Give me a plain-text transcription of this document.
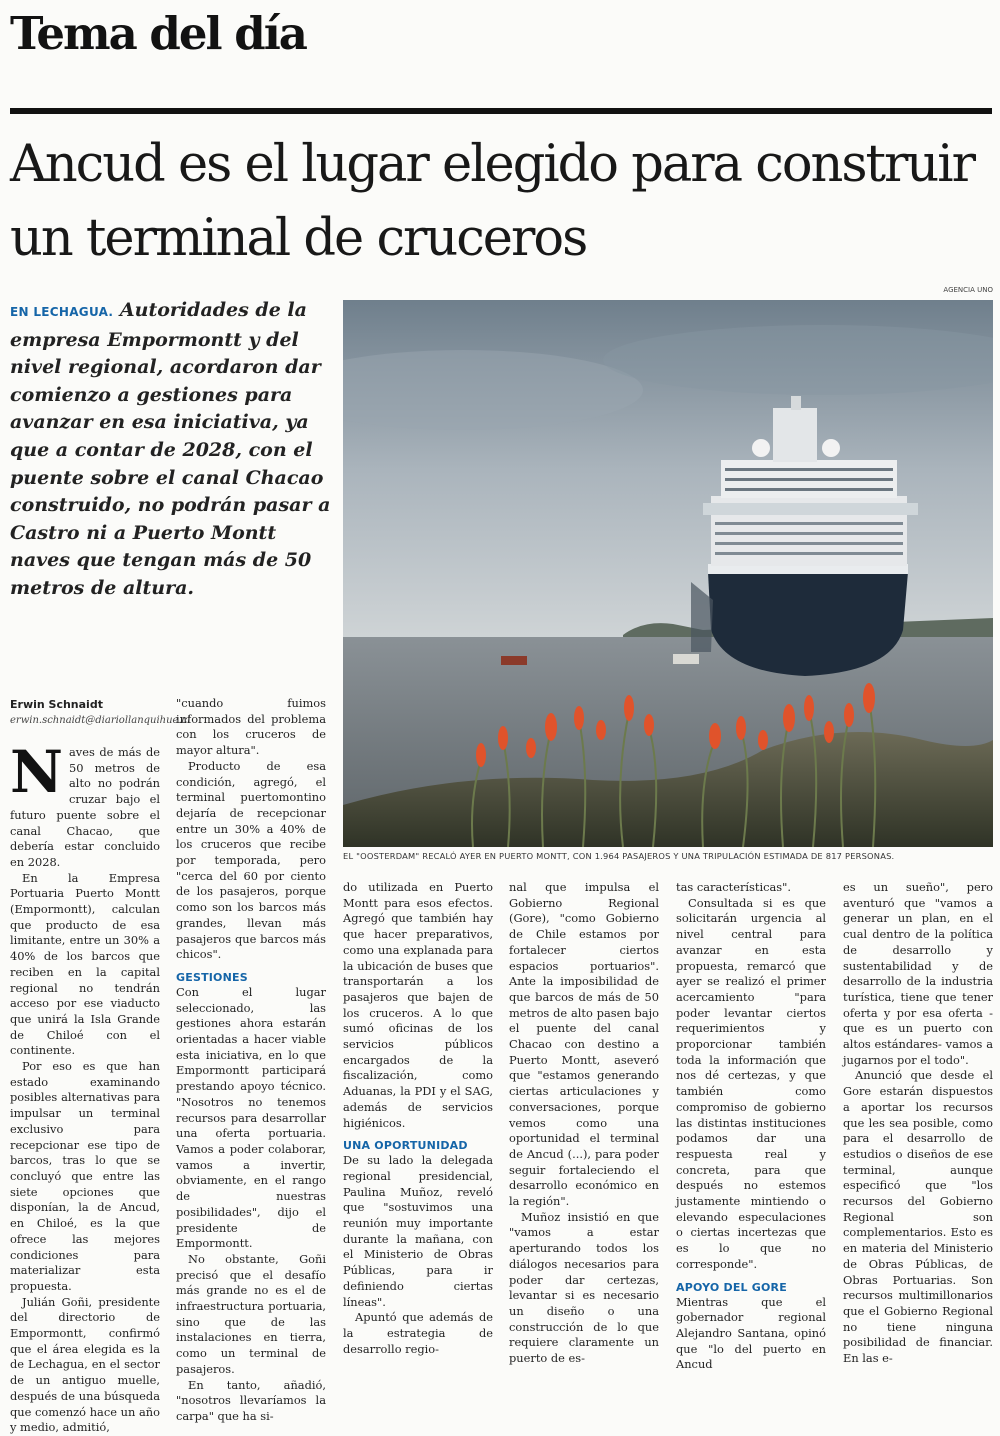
Tema del día
Ancud es el lugar elegido para construir un terminal de cruceros

EN LECHAGUA. Autoridades de la empresa Empormontt y del nivel regional, acordaron dar comienzo a gestiones para avanzar en esa iniciativa, ya que a contar de 2028, con el puente sobre el canal Chacao construido, no podrán pasar a Castro ni a Puerto Montt naves que tengan más de 50 metros de altura.

AGENCIA UNO
EL "OOSTERDAM" RECALÓ AYER EN PUERTO MONTT, CON 1.964 PASAJEROS Y UNA TRIPULACIÓN ESTIMADA DE 817 PERSONAS.
Erwin Schnaidt
erwin.schnaidt@diariollanquihue.cl

Naves de más de 50 metros de alto no podrán cruzar bajo el futuro puente sobre el canal Chacao, que debería estar concluido en 2028.

En la Empresa Portuaria Puerto Montt (Empormontt), calculan que producto de esa limitante, entre un 30% a 40% de los barcos que reciben en la capital regional no tendrán acceso por ese viaducto que unirá la Isla Grande de Chiloé con el continente.

Por eso es que han estado examinando posibles alternativas para impulsar un terminal exclusivo para recepcionar ese tipo de barcos, tras lo que se concluyó que entre las siete opciones que disponían, la de Ancud, en Chiloé, es la que ofrece las mejores condiciones para materializar esta propuesta.

Julián Goñi, presidente del directorio de Empormontt, confirmó que el área elegida es la de Lechagua, en el sector de un antiguo muelle, después de una búsqueda que comenzó hace un año y medio, admitió,

"cuando fuimos informados del problema con los cruceros de mayor altura".

Producto de esa condición, agregó, el terminal puertomontino dejaría de recepcionar entre un 30% a 40% de los cruceros que recibe por temporada, pero "cerca del 60 por ciento de los pasajeros, porque como son los barcos más grandes, llevan más pasajeros que barcos más chicos".

GESTIONES

Con el lugar seleccionado, las gestiones ahora estarán orientadas a hacer viable esta iniciativa, en lo que Empormontt participará prestando apoyo técnico. "Nosotros no tenemos recursos para desarrollar una oferta portuaria. Vamos a poder colaborar, vamos a invertir, obviamente, en el rango de nuestras posibilidades", dijo el presidente de Empormontt.

No obstante, Goñi precisó que el desafío más grande no es el de infraestructura portuaria, sino que de las instalaciones en tierra, como un terminal de pasajeros.

En tanto, añadió, "nosotros llevaríamos la carpa" que ha si-

do utilizada en Puerto Montt para esos efectos. Agregó que también hay que hacer preparativos, como una explanada para la ubicación de buses que transportarán a los pasajeros que bajen de los cruceros. A lo que sumó oficinas de los servicios públicos encargados de la fiscalización, como Aduanas, la PDI y el SAG, además de servicios higiénicos.

UNA OPORTUNIDAD

De su lado la delegada regional presidencial, Paulina Muñoz, reveló que "sostuvimos una reunión muy importante durante la mañana, con el Ministerio de Obras Públicas, para ir definiendo ciertas líneas".

Apuntó que además de la estrategia de desarrollo regio-

nal que impulsa el Gobierno Regional (Gore), "como Gobierno de Chile estamos por fortalecer ciertos espacios portuarios". Ante la imposibilidad de que barcos de más de 50 metros de alto pasen bajo el puente del canal Chacao con destino a Puerto Montt, aseveró que "estamos generando ciertas articulaciones y conversaciones, porque vemos como una oportunidad el terminal de Ancud (...), para poder seguir fortaleciendo el desarrollo económico en la región".

Muñoz insistió en que "vamos a estar aperturando todos los diálogos necesarios para poder dar certezas, levantar si es necesario un diseño o una construcción de lo que requiere claramente un puerto de es-

tas características".

Consultada si es que solicitarán urgencia al nivel central para avanzar en esta propuesta, remarcó que ayer se realizó el primer acercamiento "para poder levantar ciertos requerimientos y proporcionar también toda la información que nos dé certezas, y que también como compromiso de gobierno las distintas instituciones podamos dar una respuesta real y concreta, para que después no estemos justamente mintiendo o elevando especulaciones o ciertas incertezas que es lo que no corresponde".

APOYO DEL GORE

Mientras que el gobernador regional Alejandro Santana, opinó que "lo del puerto en Ancud

es un sueño", pero aventuró que "vamos a generar un plan, en el cual dentro de la política de desarrollo y sustentabilidad y de desarrollo de la industria turística, tiene que tener oferta y por esa oferta -que es un puerto con altos estándares- vamos a jugarnos por el todo".

Anunció que desde el Gore estarán dispuestos a aportar los recursos que les sea posible, como para el desarrollo de estudios o diseños de ese terminal, aunque especificó que "los recursos del Gobierno Regional son complementarios. Esto es en materia del Ministerio de Obras Públicas, de Obras Portuarias. Son recursos multimillonarios que el Gobierno Regional no tiene ninguna posibilidad de financiar. En las e-
